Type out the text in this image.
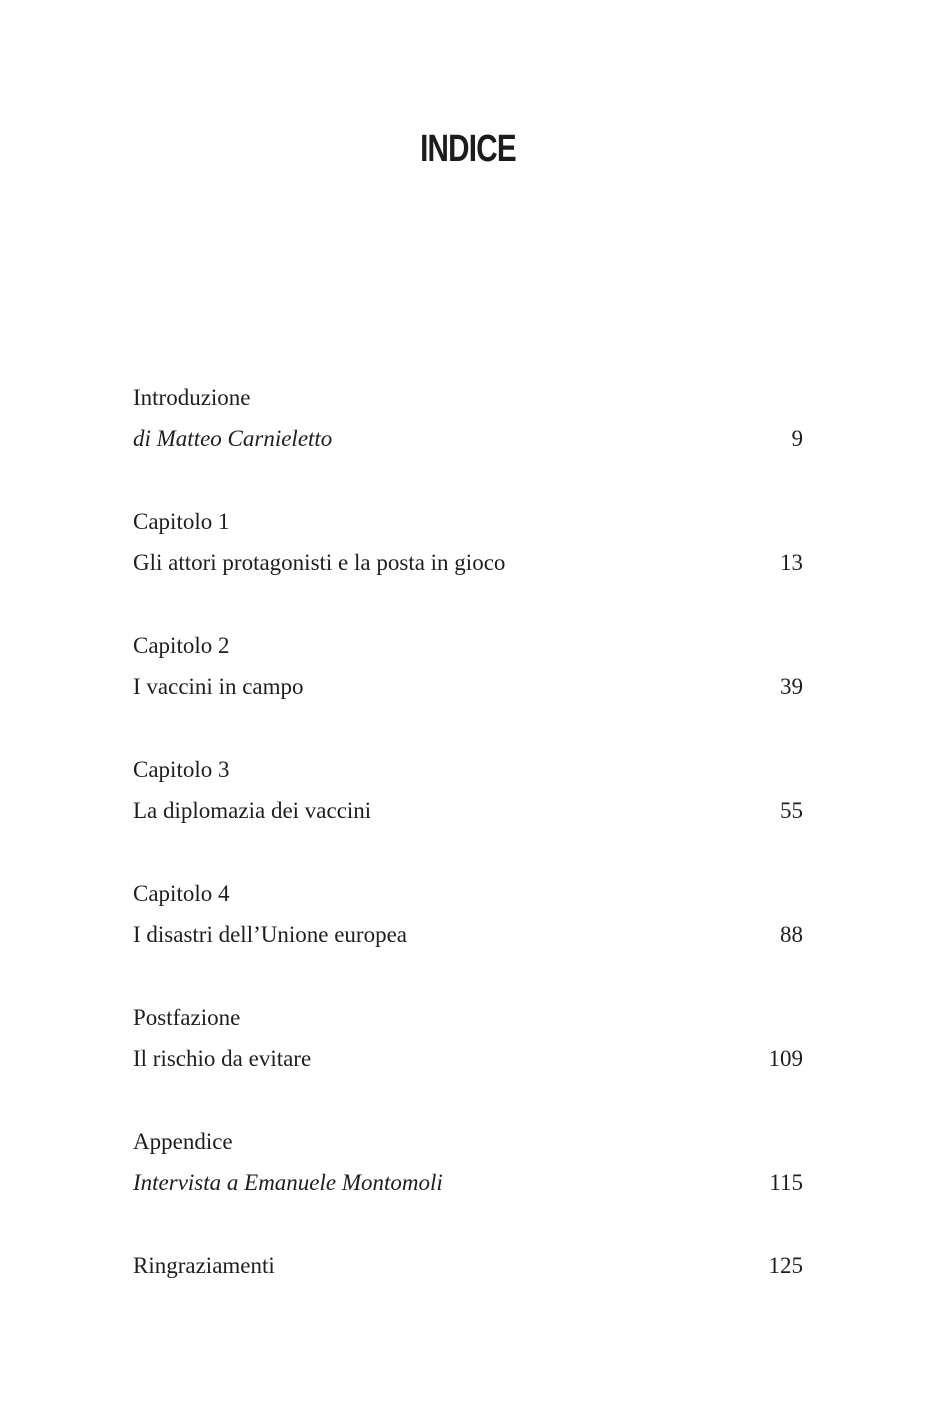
INDICE
Introduzione
di Matteo Carnieletto	9
Capitolo 1
Gli attori protagonisti e la posta in gioco	13
Capitolo 2
I vaccini in campo	39
Capitolo 3
La diplomazia dei vaccini	55
Capitolo 4
I disastri dell’Unione europea	88
Postfazione
Il rischio da evitare	109
Appendice
Intervista a Emanuele Montomoli	115
Ringraziamenti	125
